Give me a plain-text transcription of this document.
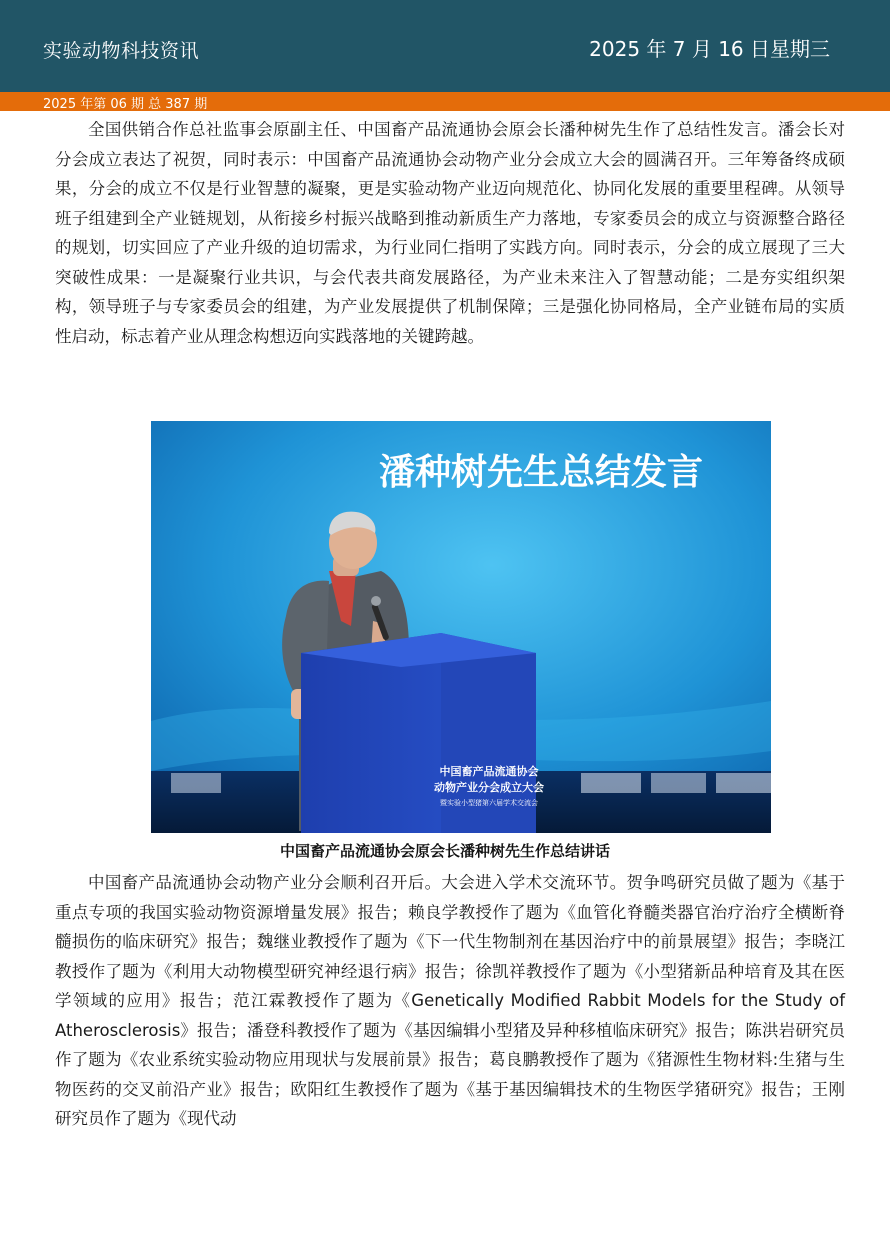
实验动物科技资讯	2025 年 7 月 16 日星期三
2025 年第 06 期 总 387 期

全国供销合作总社监事会原副主任、中国畜产品流通协会原会长潘种树先生作了总结性发言。潘会长对分会成立表达了祝贺，同时表示：中国畜产品流通协会动物产业分会成立大会的圆满召开。三年筹备终成硕果，分会的成立不仅是行业智慧的凝聚，更是实验动物产业迈向规范化、协同化发展的重要里程碑。从领导班子组建到全产业链规划，从衔接乡村振兴战略到推动新质生产力落地，专家委员会的成立与资源整合路径的规划，切实回应了产业升级的迫切需求，为行业同仁指明了实践方向。同时表示，分会的成立展现了三大突破性成果：一是凝聚行业共识，与会代表共商发展路径，为产业未来注入了智慧动能；二是夯实组织架构，领导班子与专家委员会的组建，为产业发展提供了机制保障；三是强化协同格局，全产业链布局的实质性启动，标志着产业从理念构想迈向实践落地的关键跨越。

潘种树先生总结发言
中国畜产品流通协会
动物产业分会成立大会
暨实验小型猪第六届学术交流会
中国畜产品流通协会原会长潘种树先生作总结讲话

中国畜产品流通协会动物产业分会顺利召开后。大会进入学术交流环节。贺争鸣研究员做了题为《基于重点专项的我国实验动物资源增量发展》报告；赖良学教授作了题为《血管化脊髓类器官治疗治疗全横断脊髓损伤的临床研究》报告；魏继业教授作了题为《下一代生物制剂在基因治疗中的前景展望》报告；李晓江教授作了题为《利用大动物模型研究神经退行病》报告；徐凯祥教授作了题为《小型猪新品种培育及其在医学领域的应用》报告；范江霖教授作了题为《Genetically Modified Rabbit Models for the Study of Atherosclerosis》报告；潘登科教授作了题为《基因编辑小型猪及异种移植临床研究》报告；陈洪岩研究员作了题为《农业系统实验动物应用现状与发展前景》报告；葛良鹏教授作了题为《猪源性生物材料:生猪与生物医药的交叉前沿产业》报告；欧阳红生教授作了题为《基于基因编辑技术的生物医学猪研究》报告；王刚研究员作了题为《现代动
